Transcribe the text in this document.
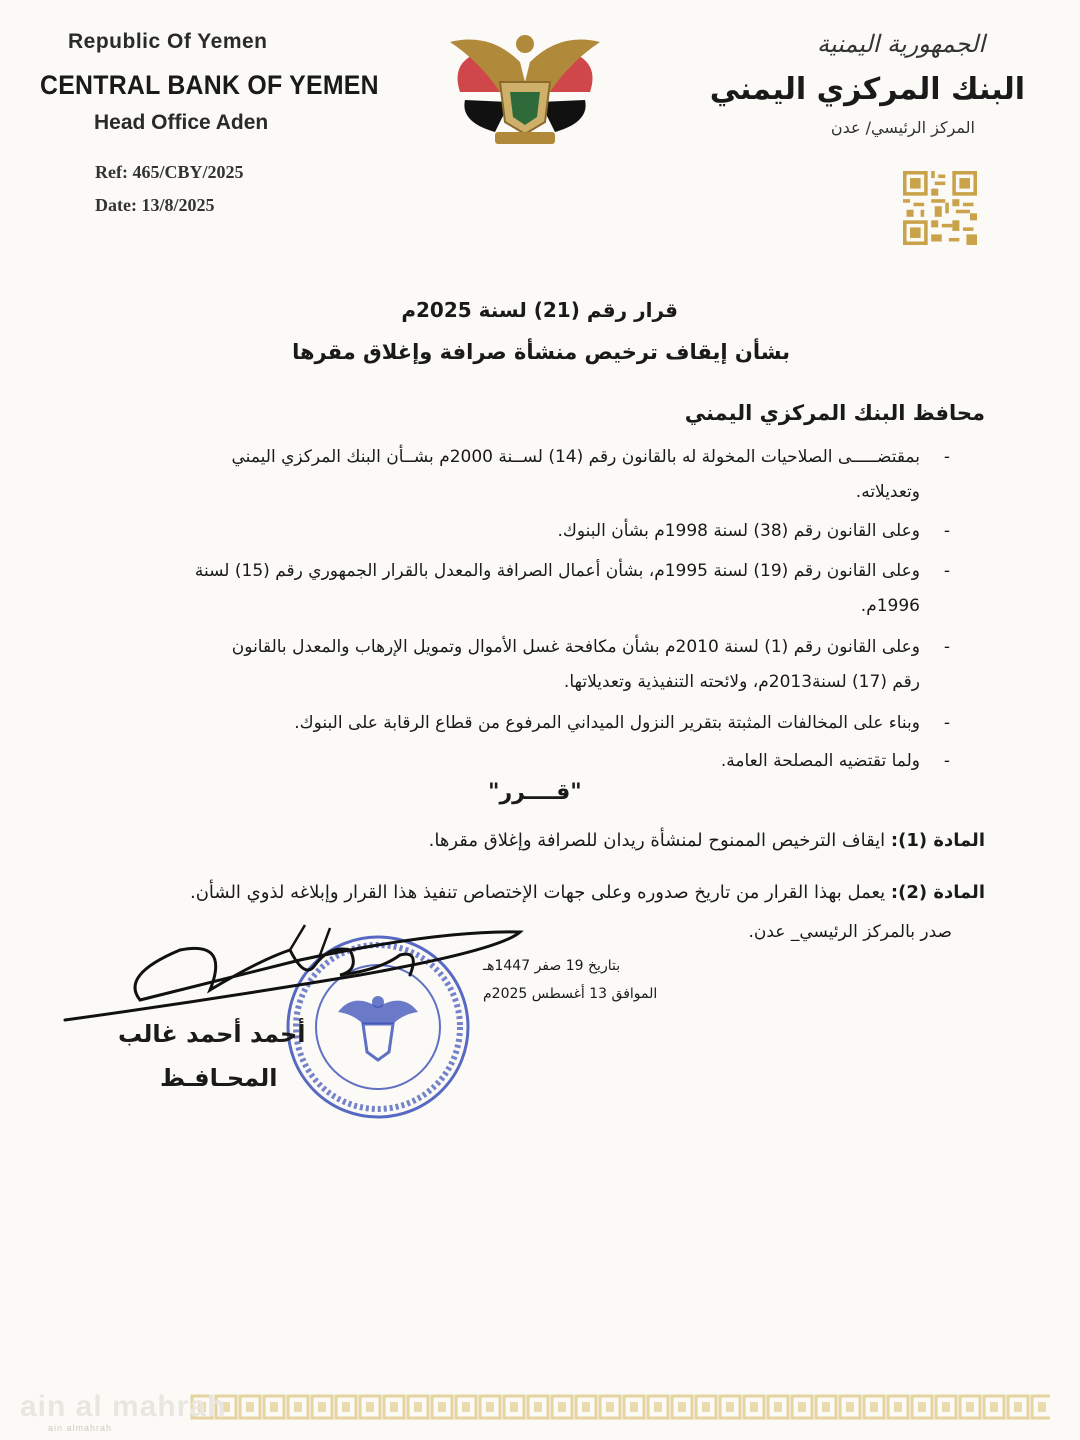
Republic Of Yemen
CENTRAL BANK OF YEMEN
Head Office Aden
Ref: 465/CBY/2025
Date: 13/8/2025
الجمهورية اليمنية
البنك المركزي اليمني
المركز الرئيسي/ عدن
قرار رقم (21) لسنة 2025م
بشأن إيقاف ترخيص منشأة صرافة وإغلاق مقرها
محافظ البنك المركزي اليمني
-
بمقتضـــــى الصلاحيات المخولة له بالقانون رقم (14) لســنة 2000م بشــأن البنك المركزي اليمني
وتعديلاته.
-
وعلى القانون رقم (38) لسنة 1998م بشأن البنوك.
-
وعلى القانون رقم (19) لسنة 1995م، بشأن أعمال الصرافة والمعدل بالقرار الجمهوري رقم (15) لسنة
1996م.
-
وعلى القانون رقم (1) لسنة 2010م بشأن مكافحة غسل الأموال وتمويل الإرهاب والمعدل بالقانون
رقم (17) لسنة2013م، ولائحته التنفيذية وتعديلاتها.
-
وبناء على المخالفات المثبتة بتقرير النزول الميداني المرفوع من قطاع الرقابة على البنوك.
-
ولما تقتضيه المصلحة العامة.
"قــــرر"
المادة (1): ايقاف الترخيص الممنوح لمنشأة ريدان للصرافة وإغلاق مقرها.
المادة (2): يعمل بهذا القرار من تاريخ صدوره وعلى جهات الإختصاص تنفيذ هذا القرار وإبلاغه لذوي الشأن.
صدر بالمركز الرئيسي_ عدن.
بتاريخ 19 صفر 1447هـ
الموافق 13 أغسطس 2025م
أحمد أحمد غالب
المحـافـظ
ain al mahrah
ain almahrah
